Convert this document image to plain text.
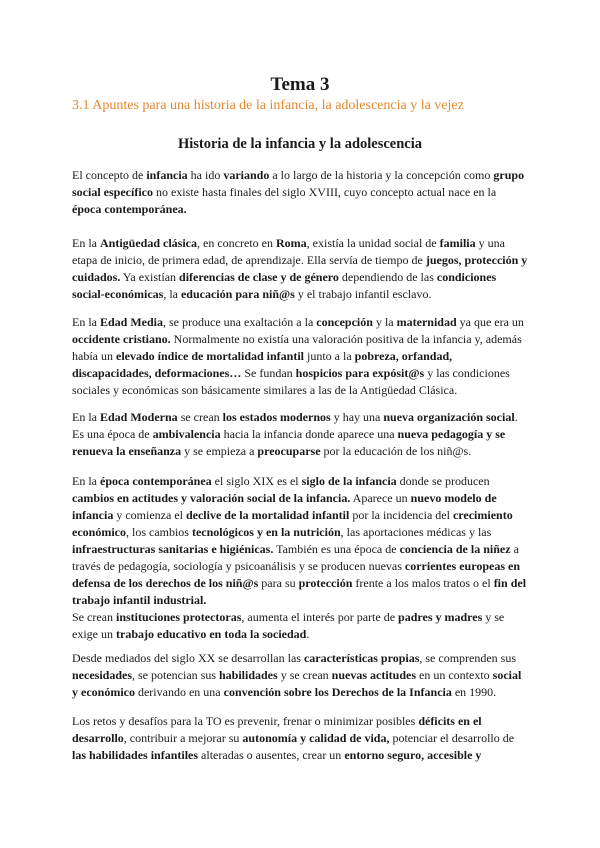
Tema 3
3.1 Apuntes para una historia de la infancia, la adolescencia y la vejez
Historia de la infancia y la adolescencia

El concepto de infancia ha ido variando a lo largo de la historia y la concepción como grupo social específico no existe hasta finales del siglo XVIII, cuyo concepto actual nace en la época contemporánea.

En la Antigüedad clásica, en concreto en Roma, existía la unidad social de familia y una etapa de inicio, de primera edad, de aprendizaje. Ella servía de tiempo de juegos, protección y cuidados. Ya existían diferencias de clase y de género dependiendo de las condiciones social-económicas, la educación para niñ@s y el trabajo infantil esclavo.

En la Edad Media, se produce una exaltación a la concepción y la maternidad ya que era un occidente cristiano. Normalmente no existía una valoración positiva de la infancia y, además había un elevado índice de mortalidad infantil junto a la pobreza, orfandad, discapacidades, deformaciones… Se fundan hospicios para expósit@s y las condiciones sociales y económicas son básicamente similares a las de la Antigüedad Clásica.

En la Edad Moderna se crean los estados modernos y hay una nueva organización social. Es una época de ambivalencia hacia la infancia donde aparece una nueva pedagogía y se renueva la enseñanza y se empieza a preocuparse por la educación de los niñ@s.

En la época contemporánea el siglo XIX es el siglo de la infancia donde se producen cambios en actitudes y valoración social de la infancia. Aparece un nuevo modelo de infancia y comienza el declive de la mortalidad infantil por la incidencia del crecimiento económico, los cambios tecnológicos y en la nutrición, las aportaciones médicas y las infraestructuras sanitarias e higiénicas. También es una época de conciencia de la niñez a través de pedagogía, sociología y psicoanálisis y se producen nuevas corrientes europeas en defensa de los derechos de los niñ@s para su protección frente a los malos tratos o el fin del trabajo infantil industrial.
Se crean instituciones protectoras, aumenta el interés por parte de padres y madres y se exige un trabajo educativo en toda la sociedad.

Desde mediados del siglo XX se desarrollan las características propias, se comprenden sus necesidades, se potencian sus habilidades y se crean nuevas actitudes en un contexto social y económico derivando en una convención sobre los Derechos de la Infancia en 1990.

Los retos y desafíos para la TO es prevenir, frenar o minimizar posibles déficits en el desarrollo, contribuir a mejorar su autonomía y calidad de vida, potenciar el desarrollo de las habilidades infantiles alteradas o ausentes, crear un entorno seguro, accesible y
